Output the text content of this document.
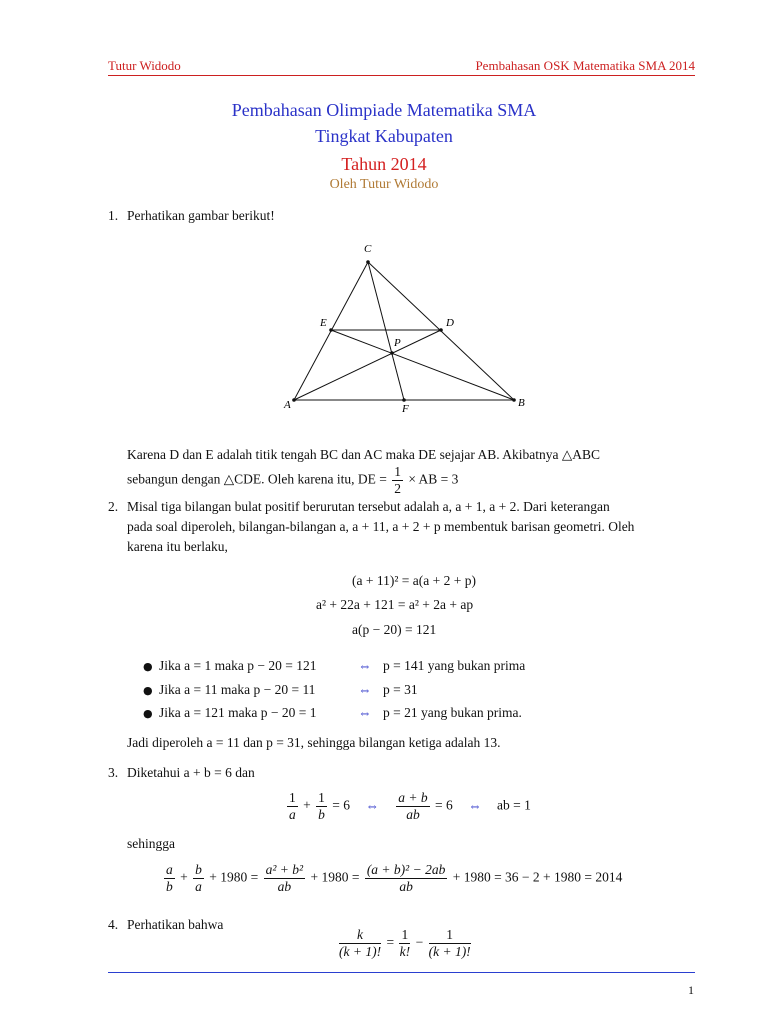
Tutur Widodo	Pembahasan OSK Matematika SMA 2014
Pembahasan Olimpiade Matematika SMA
Tingkat Kabupaten
Tahun 2014
Oleh Tutur Widodo
1. Perhatikan gambar berikut!
C
E	D
P
A	F	B
Karena D dan E adalah titik tengah BC dan AC maka DE sejajar AB. Akibatnya △ABC
sebangun dengan △CDE. Oleh karena itu, DE = $\frac{1}{2}$ × AB = 3
2. Misal tiga bilangan bulat positif berurutan tersebut adalah a, a + 1, a + 2. Dari keterangan
pada soal diperoleh, bilangan-bilangan a, a + 11, a + 2 + p membentuk barisan geometri. Oleh
karena itu berlaku,
(a + 11)² = a(a + 2 + p)
a² + 22a + 121 = a² + 2a + ap
a(p − 20) = 121
● Jika a = 1 maka p − 20 = 121	⇔ p = 141 yang bukan prima
● Jika a = 11 maka p − 20 = 11	⇔ p = 31
● Jika a = 121 maka p − 20 = 1	⇔ p = 21 yang bukan prima.
Jadi diperoleh a = 11 dan p = 31, sehingga bilangan ketiga adalah 13.
3. Diketahui a + b = 6 dan
$\frac{1}{a} + \frac{1}{b} = 6$ ⇔ $\frac{a + b}{ab} = 6$ ⇔ ab = 1
sehingga
$\frac{a}{b} + \frac{b}{a} + 1980 = \frac{\text{a² + b²}}{ab} + 1980 = \frac{\text{(a + b)² − 2ab}}{ab} + 1980 = 36 - 2 + 1980 = 2014$
4. Perhatikan bahwa
$\frac{k}{(k + 1)!} = \frac{1}{k!} - \frac{1}{(k + 1)!}$
1
